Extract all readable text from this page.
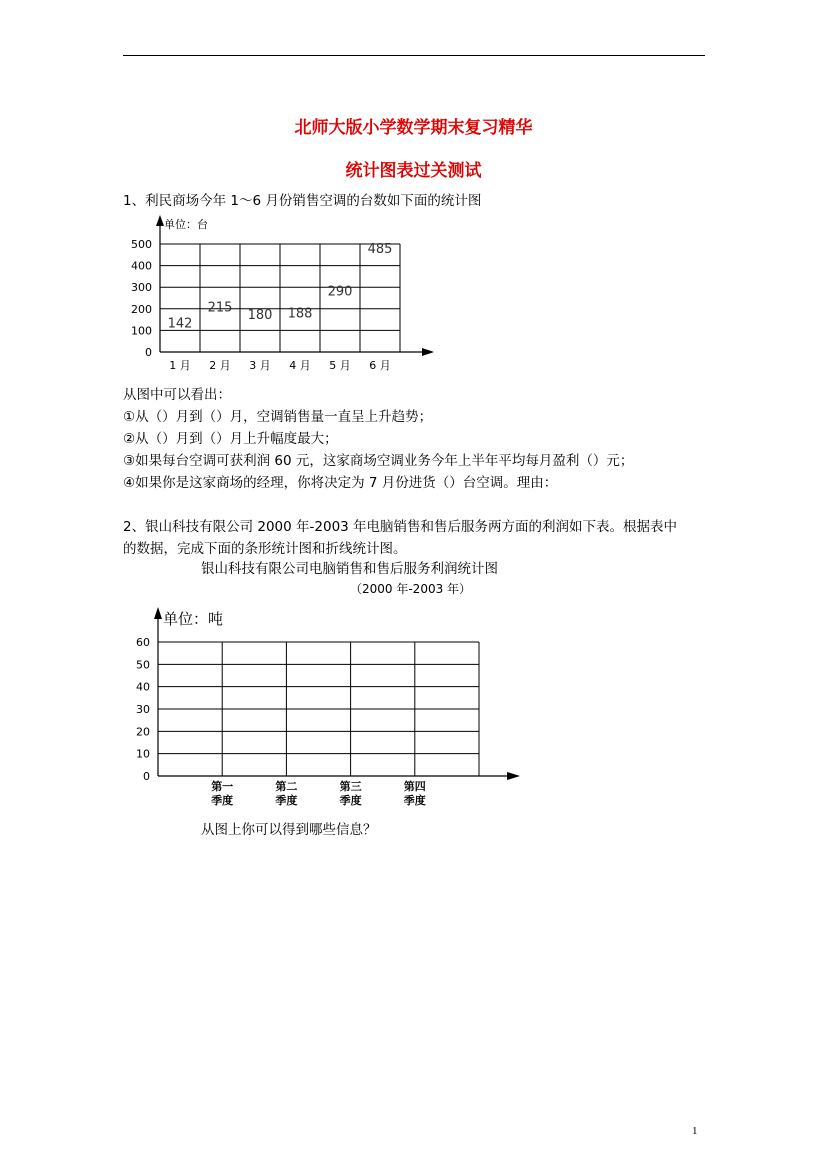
北师大版小学数学期末复习精华
统计图表过关测试
1、利民商场今年 1～6 月份销售空调的台数如下面的统计图
单位：台
0
100
200
300
400
500
1 月 2 月 3 月 4 月 5 月 6 月
142
215
180 188
290
485
从图中可以看出：
①从（）月到（）月，空调销售量一直呈上升趋势；
②从（）月到（）月上升幅度最大；
③如果每台空调可获利润 60 元，这家商场空调业务今年上半年平均每月盈利（）元；
④如果你是这家商场的经理，你将决定为 7 月份进货（）台空调。理由：
2、银山科技有限公司 2000 年-2003 年电脑销售和售后服务两方面的利润如下表。根据表中
的数据，完成下面的条形统计图和折线统计图。
银山科技有限公司电脑销售和售后服务利润统计图
（2000 年-2003 年）
单位：吨
0
10
20
30
40
50
60
第一
季度
第二
季度
第三
季度
第四
季度
从图上你可以得到哪些信息？
1
